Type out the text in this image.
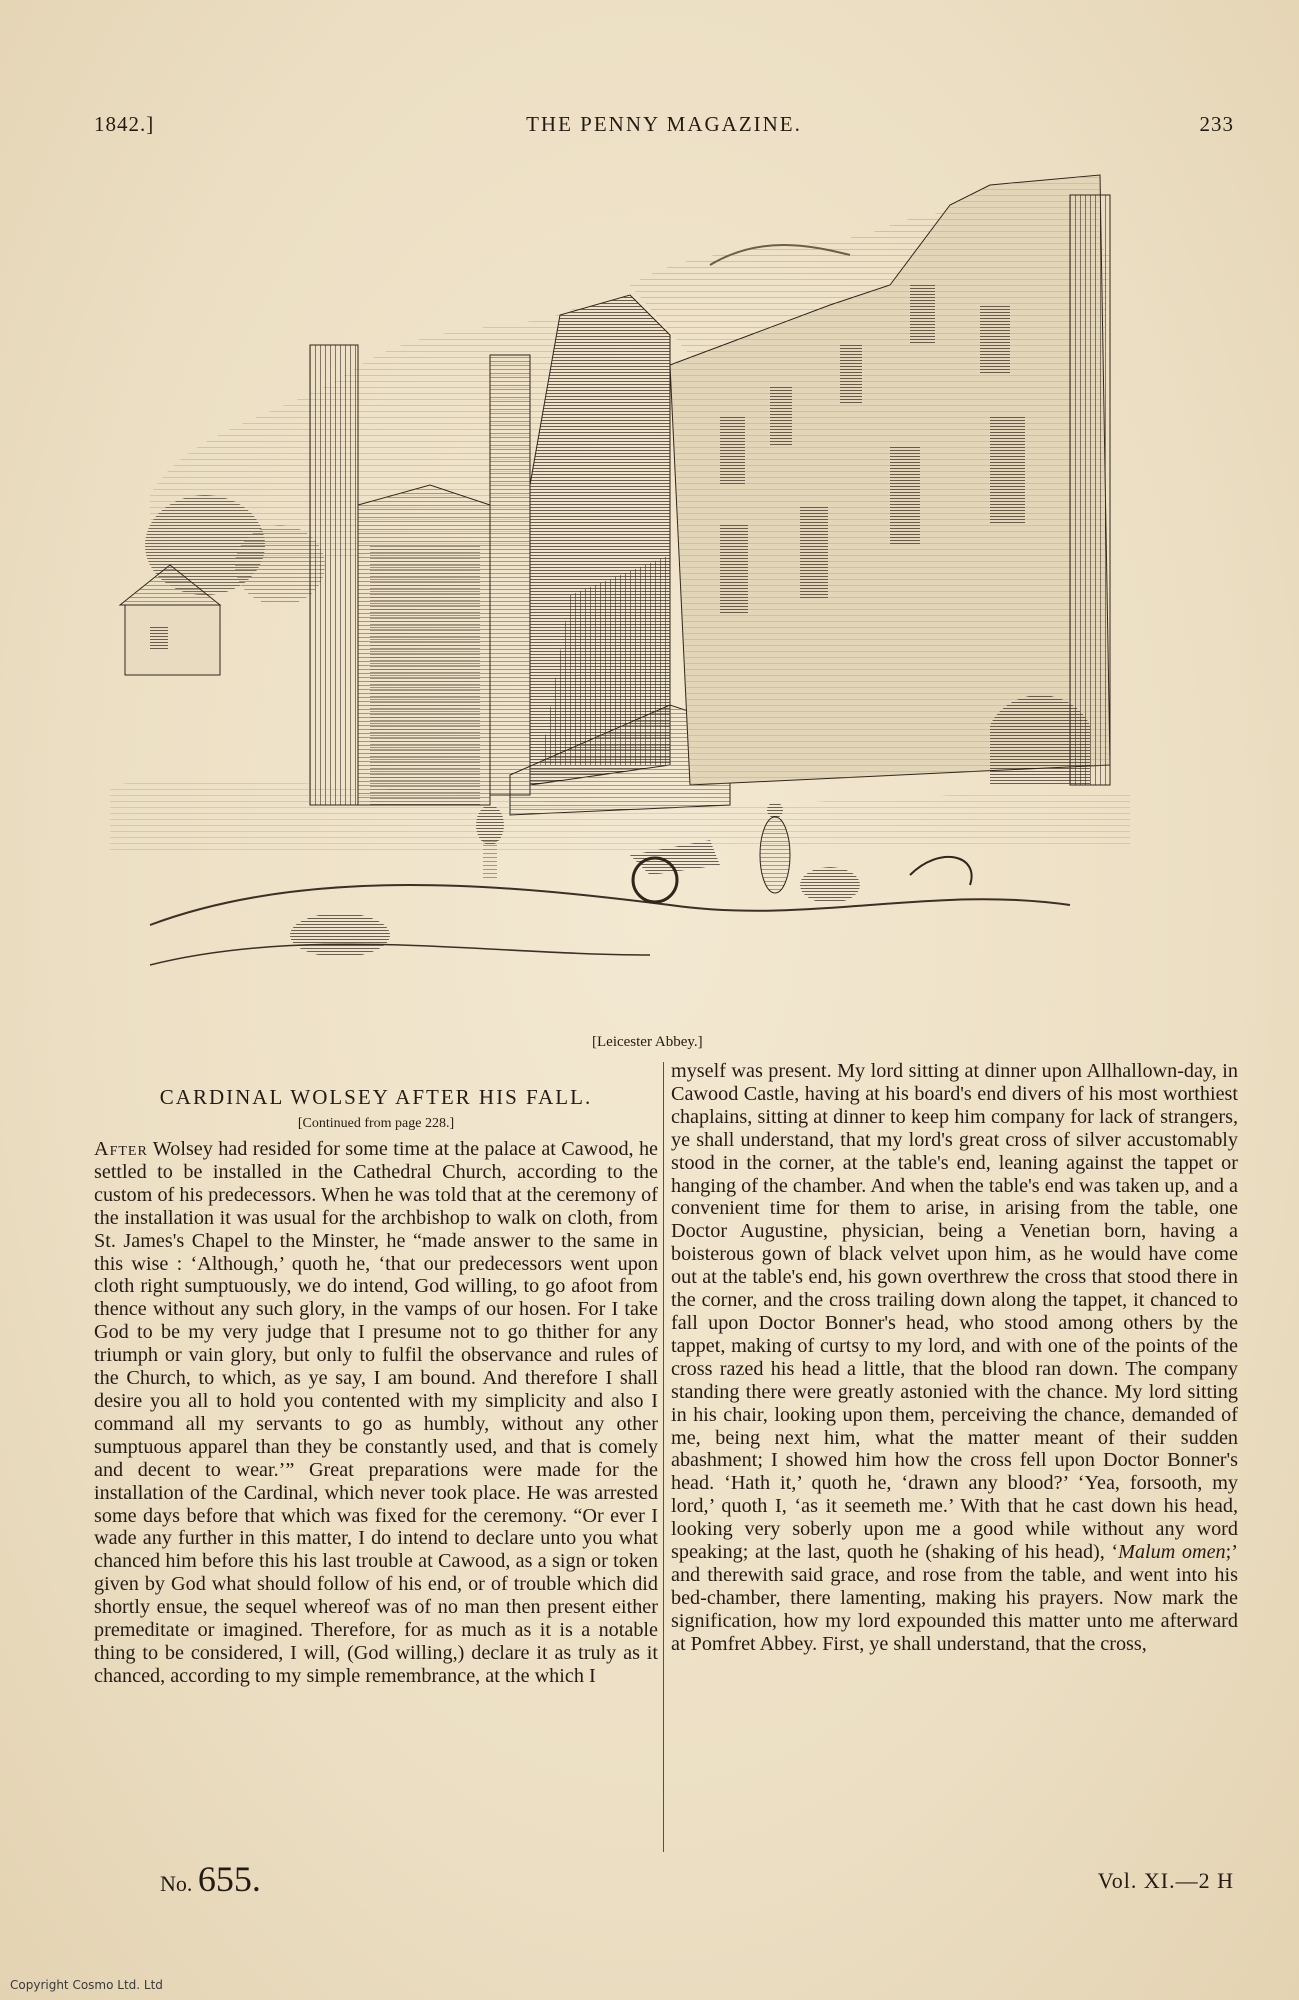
1842.]	THE PENNY MAGAZINE.	233
[Leicester Abbey.]
CARDINAL WOLSEY AFTER HIS FALL.
[Continued from page 228.]

After Wolsey had resided for some time at the palace at Cawood, he settled to be installed in the Cathedral Church, according to the custom of his predecessors. When he was told that at the ceremony of the installation it was usual for the archbishop to walk on cloth, from St. James's Chapel to the Minster, he “made answer to the same in this wise : ‘Although,’ quoth he, ‘that our predecessors went upon cloth right sumptuously, we do intend, God willing, to go afoot from thence without any such glory, in the vamps of our hosen. For I take God to be my very judge that I presume not to go thither for any triumph or vain glory, but only to fulfil the observance and rules of the Church, to which, as ye say, I am bound. And therefore I shall desire you all to hold you contented with my simplicity and also I command all my servants to go as humbly, without any other sumptuous apparel than they be constantly used, and that is comely and decent to wear.’” Great preparations were made for the installation of the Cardinal, which never took place. He was arrested some days before that which was fixed for the ceremony. “Or ever I wade any further in this matter, I do intend to declare unto you what chanced him before this his last trouble at Cawood, as a sign or token given by God what should follow of his end, or of trouble which did shortly ensue, the sequel whereof was of no man then present either premeditate or imagined. Therefore, for as much as it is a notable thing to be considered, I will, (God willing,) declare it as truly as it chanced, according to my simple remembrance, at the which I

myself was present. My lord sitting at dinner upon Allhallown-day, in Cawood Castle, having at his board's end divers of his most worthiest chaplains, sitting at dinner to keep him company for lack of strangers, ye shall understand, that my lord's great cross of silver accustomably stood in the corner, at the table's end, leaning against the tappet or hanging of the chamber. And when the table's end was taken up, and a convenient time for them to arise, in arising from the table, one Doctor Augustine, physician, being a Venetian born, having a boisterous gown of black velvet upon him, as he would have come out at the table's end, his gown overthrew the cross that stood there in the corner, and the cross trailing down along the tappet, it chanced to fall upon Doctor Bonner's head, who stood among others by the tappet, making of curtsy to my lord, and with one of the points of the cross razed his head a little, that the blood ran down. The company standing there were greatly astonied with the chance. My lord sitting in his chair, looking upon them, perceiving the chance, demanded of me, being next him, what the matter meant of their sudden abashment; I showed him how the cross fell upon Doctor Bonner's head. ‘Hath it,’ quoth he, ‘drawn any blood?’ ‘Yea, forsooth, my lord,’ quoth I, ‘as it seemeth me.’ With that he cast down his head, looking very soberly upon me a good while without any word speaking; at the last, quoth he (shaking of his head), ‘Malum omen;’ and therewith said grace, and rose from the table, and went into his bed-chamber, there lamenting, making his prayers. Now mark the signification, how my lord expounded this matter unto me afterward at Pomfret Abbey. First, ye shall understand, that the cross,

No. 655.	Vol. XI.—2 H
Copyright Cosmo Ltd. Ltd
